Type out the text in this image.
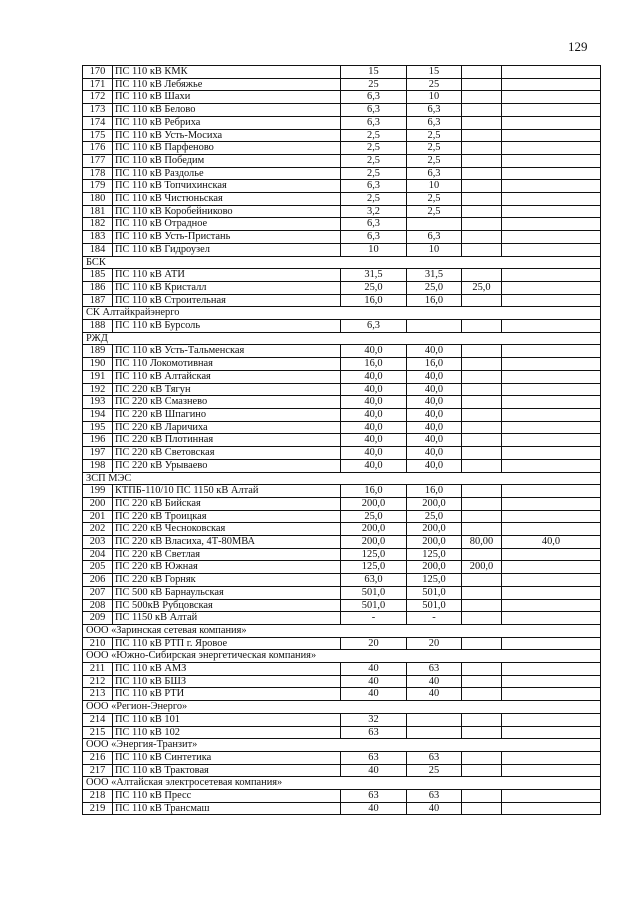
129
170	ПС 110 кВ КМК	15	15		
171	ПС 110 кВ Лебяжье	25	25		
172	ПС 110 кВ Шахи	6,3	10		
173	ПС 110 кВ Белово	6,3	6,3		
174	ПС 110 кВ Ребриха	6,3	6,3		
175	ПС 110 кВ Усть-Мосиха	2,5	2,5		
176	ПС 110 кВ Парфеново	2,5	2,5		
177	ПС 110 кВ Победим	2,5	2,5		
178	ПС 110 кВ Раздолье	2,5	6,3		
179	ПС 110 кВ Топчихинская	6,3	10		
180	ПС 110 кВ Чистюньская	2,5	2,5		
181	ПС 110 кВ Коробейниково	3,2	2,5		
182	ПС 110 кВ Отрадное	6,3			
183	ПС 110 кВ Усть-Пристань	6,3	6,3		
184	ПС 110 кВ Гидроузел	10	10		
БСК					
185	ПС 110 кВ АТИ	31,5	31,5		
186	ПС 110 кВ Кристалл	25,0	25,0	25,0	
187	ПС 110 кВ Строительная	16,0	16,0		
СК Алтайкрайэнерго					
188	ПС 110 кВ Бурсоль	6,3			
РЖД					
189	ПС 110 кВ Усть-Тальменская	40,0	40,0		
190	ПС 110 Локомотивная	16,0	16,0		
191	ПС 110 кВ Алтайская	40,0	40,0		
192	ПС 220 кВ Тягун	40,0	40,0		
193	ПС 220 кВ Смазнево	40,0	40,0		
194	ПС 220 кВ Шпагино	40,0	40,0		
195	ПС 220 кВ Ларичиха	40,0	40,0		
196	ПС 220 кВ Плотинная	40,0	40,0		
197	ПС 220 кВ Световская	40,0	40,0		
198	ПС 220 кВ Урываево	40,0	40,0		
ЗСП МЭС					
199	КТПБ-110/10 ПС 1150 кВ Алтай	16,0	16,0		
200	ПС 220 кВ Бийская	200,0	200,0		
201	ПС 220 кВ Троицкая	25,0	25,0		
202	ПС 220 кВ Чесноковская	200,0	200,0		
203	ПС 220 кВ Власиха, 4Т-80МВА	200,0	200,0	80,00	40,0
204	ПС 220 кВ Светлая	125,0	125,0		
205	ПС 220 кВ Южная	125,0	200,0	200,0	
206	ПС 220 кВ Горняк	63,0	125,0		
207	ПС 500 кВ Барнаульская	501,0	501,0		
208	ПС 500кВ Рубцовская	501,0	501,0		
209	ПС 1150 кВ Алтай	-	-		
ООО «Заринская сетевая компания»					
210	ПС 110 кВ РТП г. Яровое	20	20		
ООО «Южно-Сибирская энергетическая компания»					
211	ПС 110 кВ АМЗ	40	63		
212	ПС 110 кВ БШЗ	40	40		
213	ПС 110 кВ РТИ	40	40		
ООО «Регион-Энерго»					
214	ПС 110 кВ 101	32			
215	ПС 110 кВ 102	63			
ООО «Энергия-Транзит»					
216	ПС 110 кВ Синтетика	63	63		
217	ПС 110 кВ Трактовая	40	25		
ООО «Алтайская электросетевая компания»					
218	ПС 110 кВ Пресс	63	63		
219	ПС 110 кВ Трансмаш	40	40		
